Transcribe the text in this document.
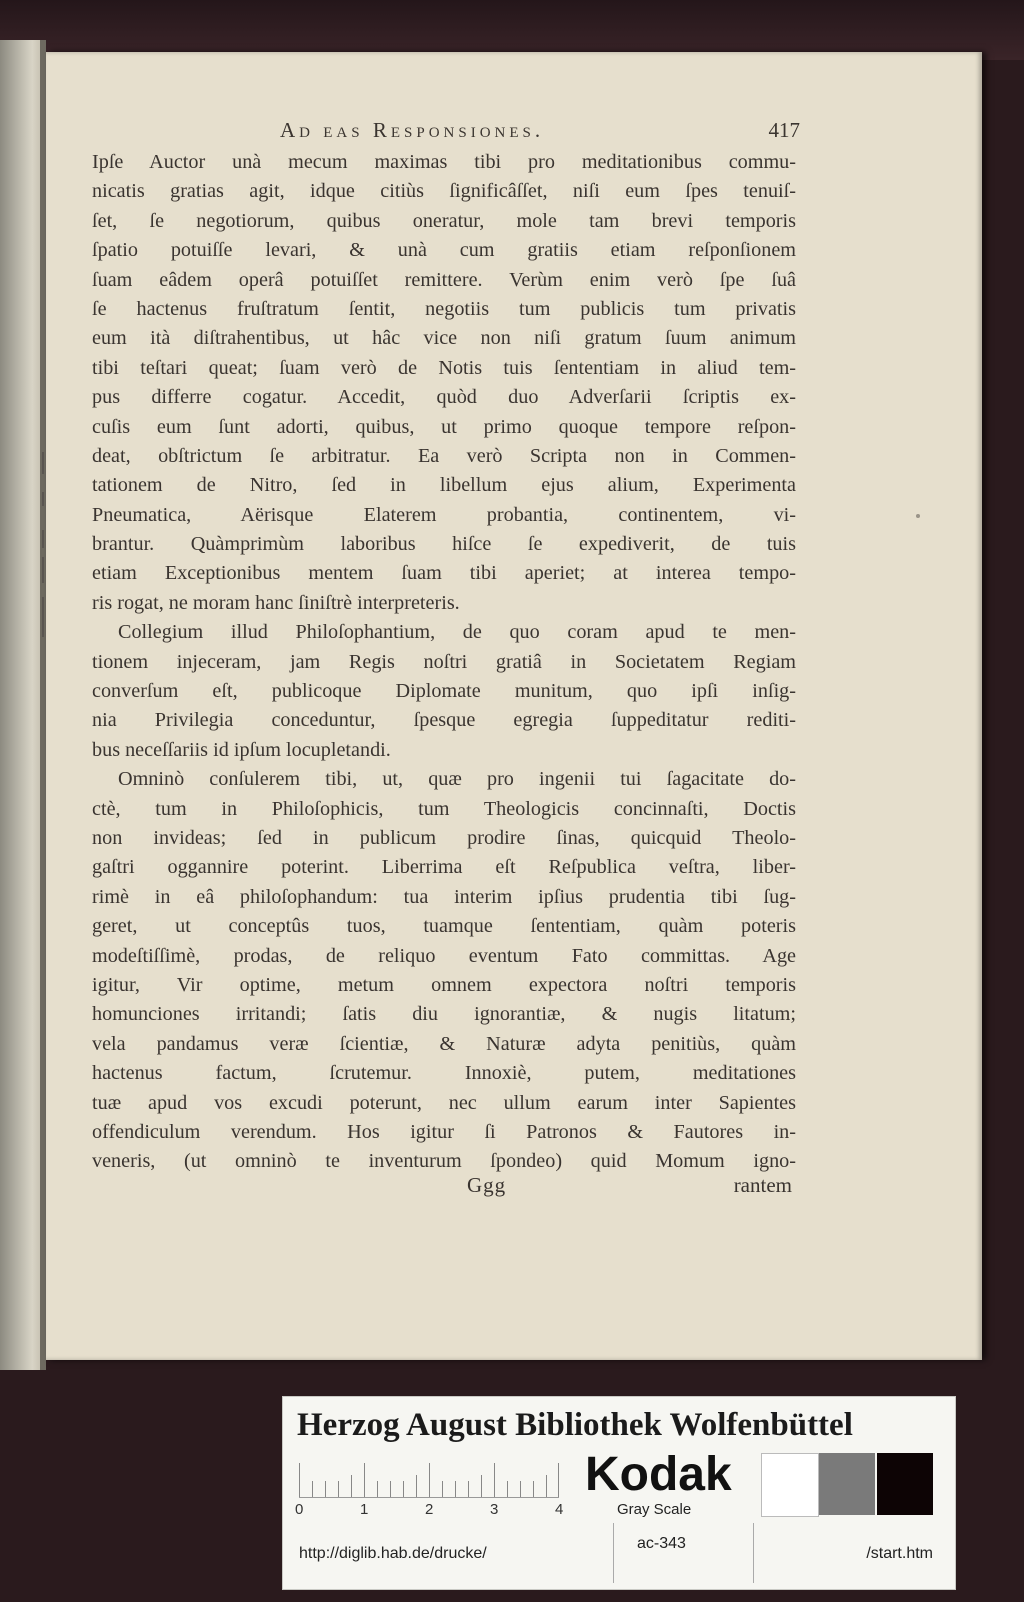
Ad eas Responsiones.	417
Ipſe Auctor unà mecum maximas tibi pro meditationibus commu-
nicatis gratias agit, idque citiùs ſignificâſſet, niſi eum ſpes tenuiſ-
ſet, ſe negotiorum, quibus oneratur, mole tam brevi temporis
ſpatio potuiſſe levari, & unà cum gratiis etiam reſponſionem
ſuam eâdem operâ potuiſſet remittere. Verùm enim verò ſpe ſuâ
ſe hactenus fruſtratum ſentit, negotiis tum publicis tum privatis
eum ità diſtrahentibus, ut hâc vice non niſi gratum ſuum animum
tibi teſtari queat; ſuam verò de Notis tuis ſententiam in aliud tem-
pus differre cogatur. Accedit, quòd duo Adverſarii ſcriptis ex-
cuſis eum ſunt adorti, quibus, ut primo quoque tempore reſpon-
deat, obſtrictum ſe arbitratur. Ea verò Scripta non in Commen-
tationem de Nitro, ſed in libellum ejus alium, Experimenta
Pneumatica, Aërisque Elaterem probantia, continentem, vi-
brantur. Quàmprimùm laboribus hiſce ſe expediverit, de tuis
etiam Exceptionibus mentem ſuam tibi aperiet; at interea tempo-
ris rogat, ne moram hanc ſiniſtrè interpreteris.
Collegium illud Philoſophantium, de quo coram apud te men-
tionem injeceram, jam Regis noſtri gratiâ in Societatem Regiam
converſum eſt, publicoque Diplomate munitum, quo ipſi inſig-
nia Privilegia conceduntur, ſpesque egregia ſuppeditatur rediti-
bus neceſſariis id ipſum locupletandi.
Omninò conſulerem tibi, ut, quæ pro ingenii tui ſagacitate do-
ctè, tum in Philoſophicis, tum Theologicis concinnaſti, Doctis
non invideas; ſed in publicum prodire ſinas, quicquid Theolo-
gaſtri oggannire poterint. Liberrima eſt Reſpublica veſtra, liber-
rimè in eâ philoſophandum: tua interim ipſius prudentia tibi ſug-
geret, ut conceptûs tuos, tuamque ſententiam, quàm poteris
modeſtiſſimè, prodas, de reliquo eventum Fato committas. Age
igitur, Vir optime, metum omnem expectora noſtri temporis
homunciones irritandi; ſatis diu ignorantiæ, & nugis litatum;
vela pandamus veræ ſcientiæ, & Naturæ adyta penitiùs, quàm
hactenus factum, ſcrutemur. Innoxiè, putem, meditationes
tuæ apud vos excudi poterunt, nec ullum earum inter Sapientes
offendiculum verendum. Hos igitur ſi Patronos & Fautores in-
veneris, (ut omninò te inventurum ſpondeo) quid Momum igno-
Ggg	rantem
Herzog August Bibliothek Wolfenbüttel
0	1	2	3	4
Kodak
Gray Scale
http://diglib.hab.de/drucke/
ac-343
/start.htm
